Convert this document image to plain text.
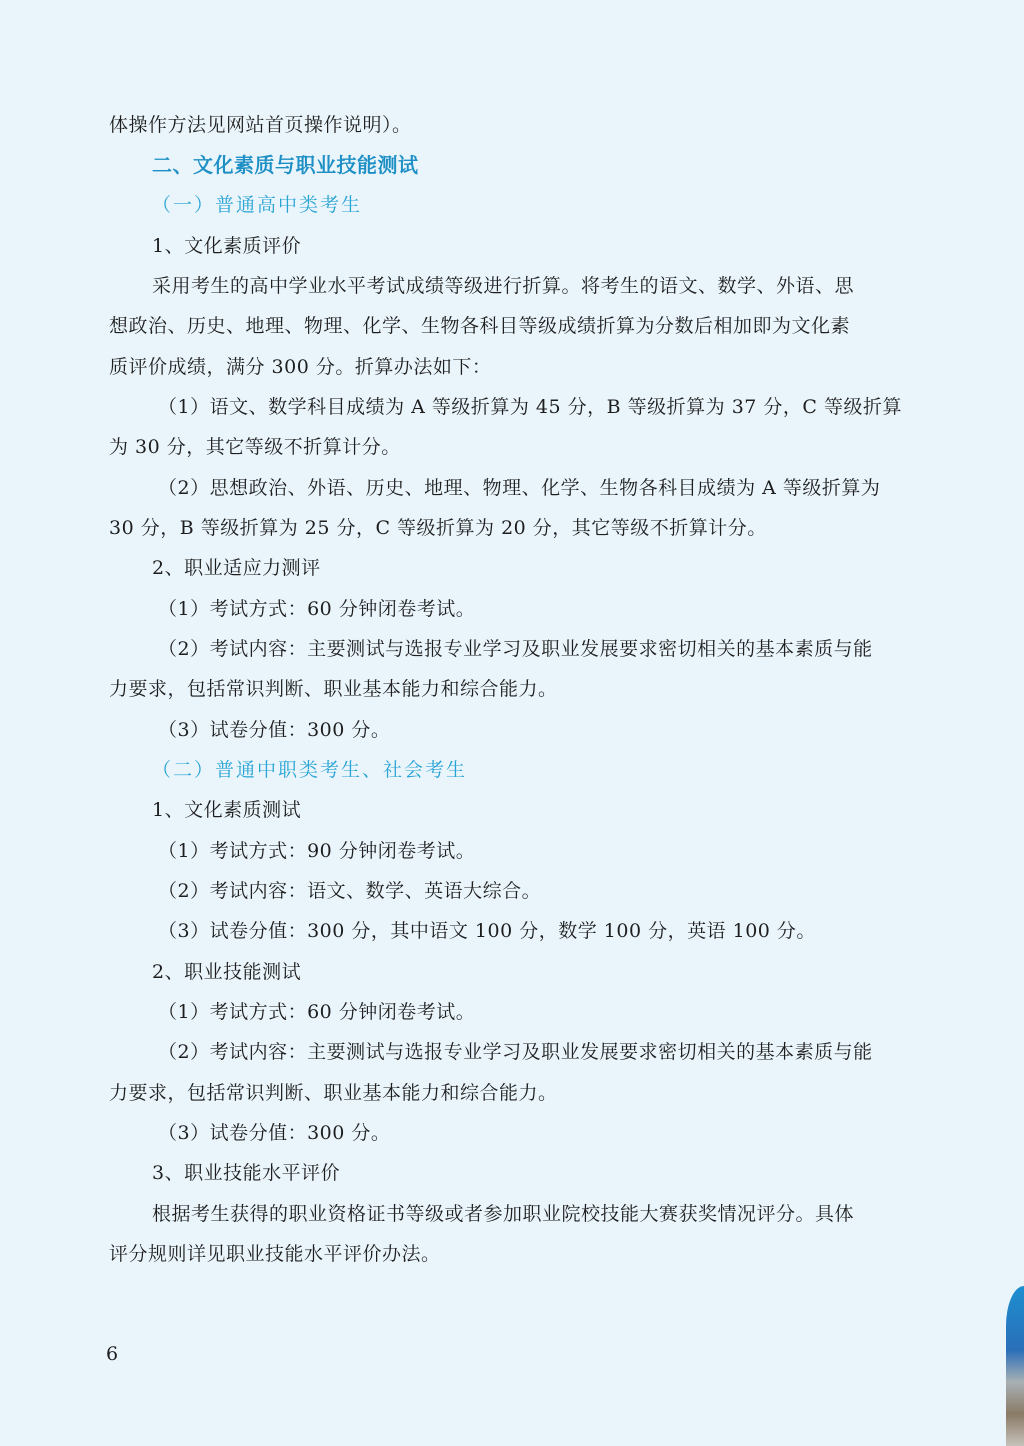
体操作方法见网站首页操作说明）。
二、文化素质与职业技能测试
（一）普通高中类考生
1、文化素质评价
采用考生的高中学业水平考试成绩等级进行折算。将考生的语文、数学、外语、思
想政治、历史、地理、物理、化学、生物各科目等级成绩折算为分数后相加即为文化素
质评价成绩，满分 300 分。折算办法如下：
（1）语文、数学科目成绩为 A 等级折算为 45 分，B 等级折算为 37 分，C 等级折算
为 30 分，其它等级不折算计分。
（2）思想政治、外语、历史、地理、物理、化学、生物各科目成绩为 A 等级折算为
30 分，B 等级折算为 25 分，C 等级折算为 20 分，其它等级不折算计分。
2、职业适应力测评
（1）考试方式：60 分钟闭卷考试。
（2）考试内容：主要测试与选报专业学习及职业发展要求密切相关的基本素质与能
力要求，包括常识判断、职业基本能力和综合能力。
（3）试卷分值：300 分。
（二）普通中职类考生、社会考生
1、文化素质测试
（1）考试方式：90 分钟闭卷考试。
（2）考试内容：语文、数学、英语大综合。
（3）试卷分值：300 分，其中语文 100 分，数学 100 分，英语 100 分。
2、职业技能测试
（1）考试方式：60 分钟闭卷考试。
（2）考试内容：主要测试与选报专业学习及职业发展要求密切相关的基本素质与能
力要求，包括常识判断、职业基本能力和综合能力。
（3）试卷分值：300 分。
3、职业技能水平评价
根据考生获得的职业资格证书等级或者参加职业院校技能大赛获奖情况评分。具体
评分规则详见职业技能水平评价办法。
6
